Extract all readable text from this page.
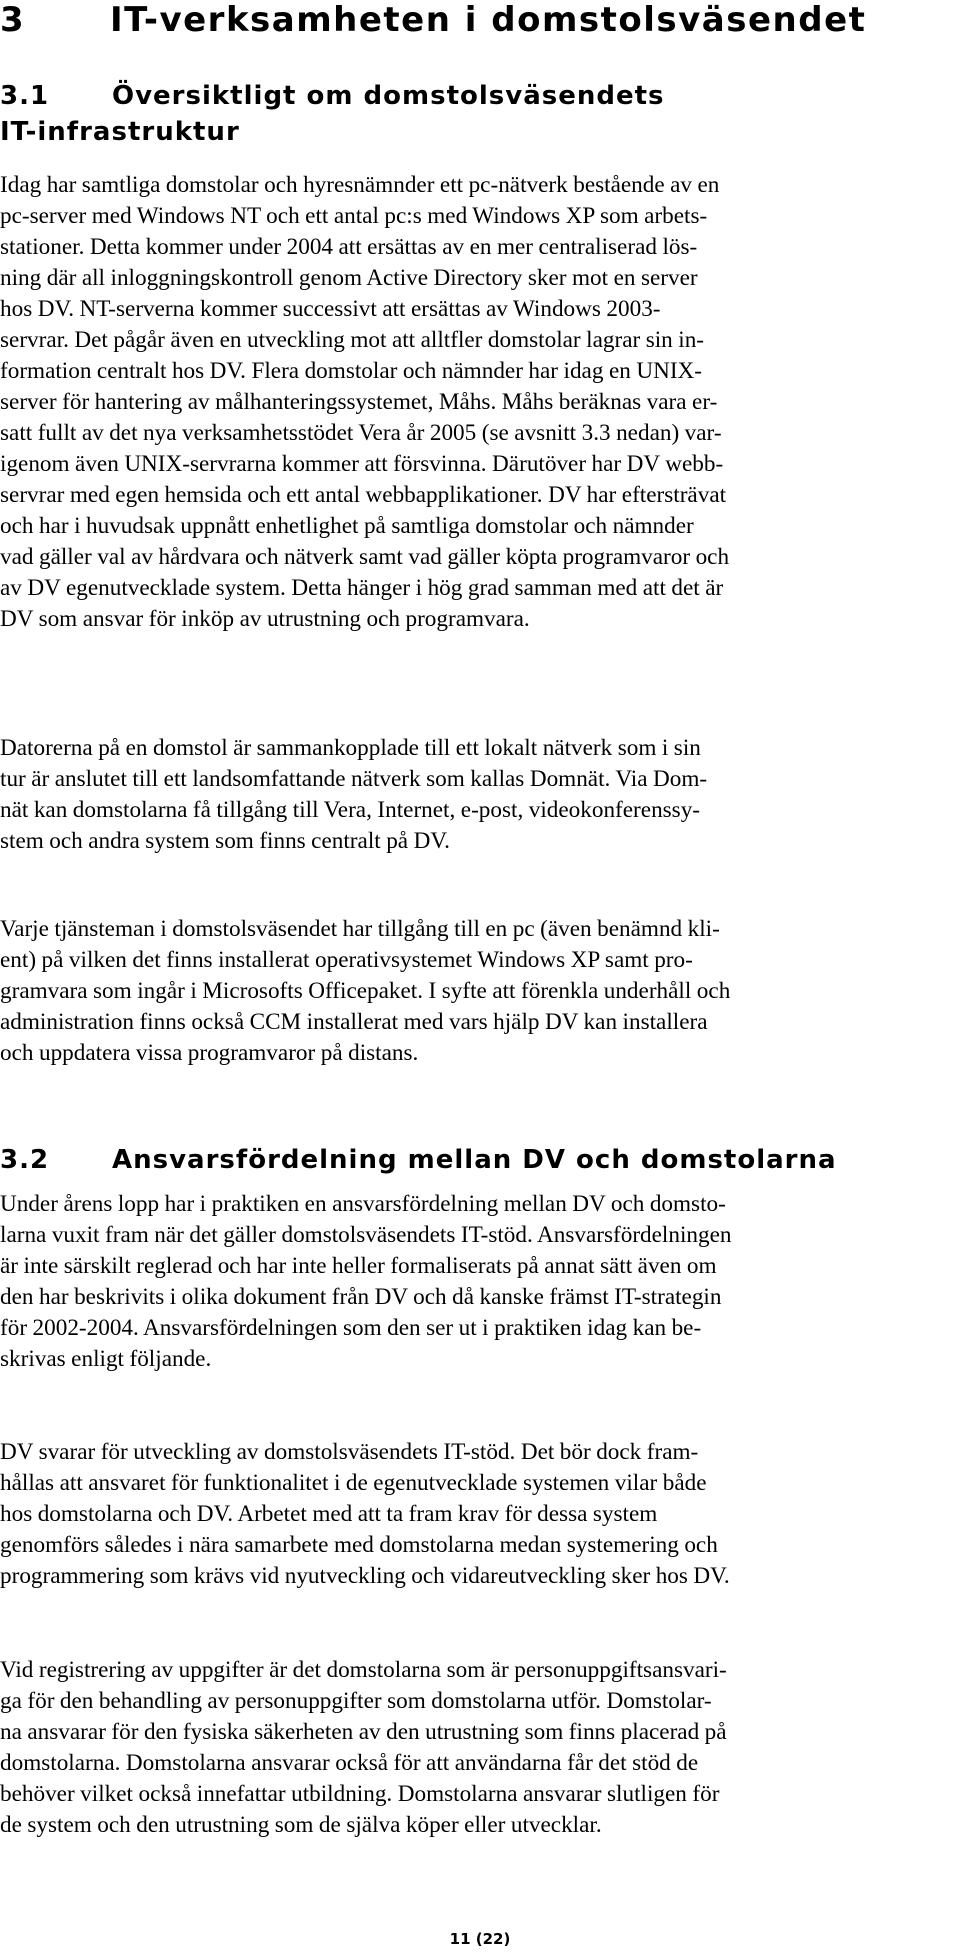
3 IT-verksamheten i domstolsväsendet
3.1 Översiktligt om domstolsväsendets IT-infrastruktur
Idag har samtliga domstolar och hyresnämnder ett pc-nätverk bestående av en
pc-server med Windows NT och ett antal pc:s med Windows XP som arbets-
stationer. Detta kommer under 2004 att ersättas av en mer centraliserad lös-
ning där all inloggningskontroll genom Active Directory sker mot en server
hos DV. NT-serverna kommer successivt att ersättas av Windows 2003-
servrar. Det pågår även en utveckling mot att alltfler domstolar lagrar sin in-
formation centralt hos DV. Flera domstolar och nämnder har idag en UNIX-
server för hantering av målhanteringssystemet, Måhs. Måhs beräknas vara er-
satt fullt av det nya verksamhetsstödet Vera år 2005 (se avsnitt 3.3 nedan) var-
igenom även UNIX-servrarna kommer att försvinna. Därutöver har DV webb-
servrar med egen hemsida och ett antal webbapplikationer. DV har eftersträvat
och har i huvudsak uppnått enhetlighet på samtliga domstolar och nämnder
vad gäller val av hårdvara och nätverk samt vad gäller köpta programvaror och
av DV egenutvecklade system. Detta hänger i hög grad samman med att det är
DV som ansvar för inköp av utrustning och programvara.
Datorerna på en domstol är sammankopplade till ett lokalt nätverk som i sin
tur är anslutet till ett landsomfattande nätverk som kallas Domnät. Via Dom-
nät kan domstolarna få tillgång till Vera, Internet, e-post, videokonferenssy-
stem och andra system som finns centralt på DV.
Varje tjänsteman i domstolsväsendet har tillgång till en pc (även benämnd kli-
ent) på vilken det finns installerat operativsystemet Windows XP samt pro-
gramvara som ingår i Microsofts Officepaket. I syfte att förenkla underhåll och
administration finns också CCM installerat med vars hjälp DV kan installera
och uppdatera vissa programvaror på distans.
3.2 Ansvarsfördelning mellan DV och domstolarna
Under årens lopp har i praktiken en ansvarsfördelning mellan DV och domsto-
larna vuxit fram när det gäller domstolsväsendets IT-stöd. Ansvarsfördelningen
är inte särskilt reglerad och har inte heller formaliserats på annat sätt även om
den har beskrivits i olika dokument från DV och då kanske främst IT-strategin
för 2002-2004. Ansvarsfördelningen som den ser ut i praktiken idag kan be-
skrivas enligt följande.
DV svarar för utveckling av domstolsväsendets IT-stöd. Det bör dock fram-
hållas att ansvaret för funktionalitet i de egenutvecklade systemen vilar både
hos domstolarna och DV. Arbetet med att ta fram krav för dessa system
genomförs således i nära samarbete med domstolarna medan systemering och
programmering som krävs vid nyutveckling och vidareutveckling sker hos DV.
Vid registrering av uppgifter är det domstolarna som är personuppgiftsansvari-
ga för den behandling av personuppgifter som domstolarna utför. Domstolar-
na ansvarar för den fysiska säkerheten av den utrustning som finns placerad på
domstolarna. Domstolarna ansvarar också för att användarna får det stöd de
behöver vilket också innefattar utbildning. Domstolarna ansvarar slutligen för
de system och den utrustning som de själva köper eller utvecklar.
11 (22)
